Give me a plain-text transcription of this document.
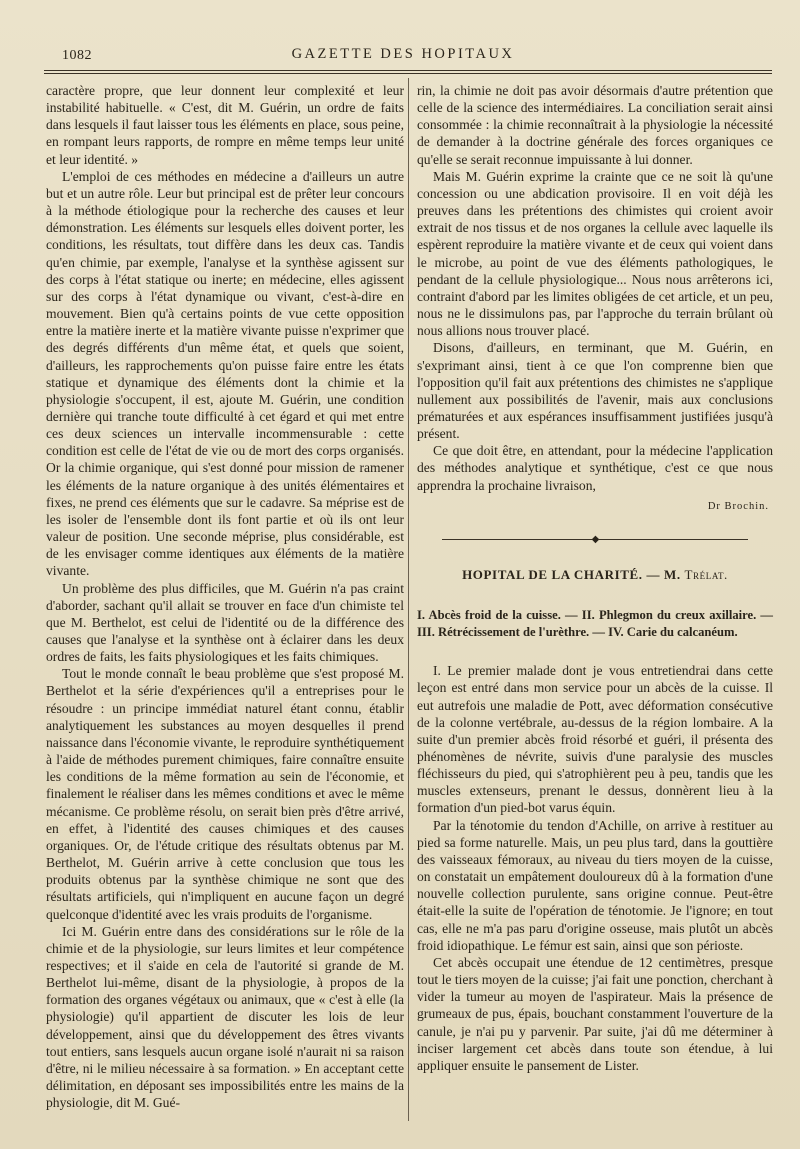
1082	GAZETTE DES HOPITAUX

caractère propre, que leur donnent leur complexité et leur instabilité habituelle. « C'est, dit M. Guérin, un ordre de faits dans lesquels il faut laisser tous les éléments en place, sous peine, en rompant leurs rapports, de rompre en même temps leur unité et leur identité. »

L'emploi de ces méthodes en médecine a d'ailleurs un autre but et un autre rôle. Leur but principal est de prêter leur concours à la méthode étiologique pour la recherche des causes et leur démonstration. Les éléments sur lesquels elles doivent porter, les conditions, les résultats, tout diffère dans les deux cas. Tandis qu'en chimie, par exemple, l'analyse et la synthèse agissent sur des corps à l'état statique ou inerte; en médecine, elles agissent sur des corps à l'état dynamique ou vivant, c'est-à-dire en mouvement. Bien qu'à certains points de vue cette opposition entre la matière inerte et la matière vivante puisse n'exprimer que des degrés différents d'un même état, et quels que soient, d'ailleurs, les rapprochements qu'on puisse faire entre les états statique et dynamique des éléments dont la chimie et la physiologie s'occupent, il est, ajoute M. Guérin, une condition dernière qui tranche toute difficulté à cet égard et qui met entre ces deux sciences un intervalle incommensurable : cette condition est celle de l'état de vie ou de mort des corps organisés. Or la chimie organique, qui s'est donné pour mission de ramener les éléments de la nature organique à des unités élémentaires et fixes, ne prend ces éléments que sur le cadavre. Sa méprise est de les isoler de l'ensemble dont ils font partie et où ils ont leur valeur de position. Une seconde méprise, plus considérable, est de les envisager comme identiques aux éléments de la matière vivante.

Un problème des plus difficiles, que M. Guérin n'a pas craint d'aborder, sachant qu'il allait se trouver en face d'un chimiste tel que M. Berthelot, est celui de l'identité ou de la différence des causes que l'analyse et la synthèse ont à éclairer dans les deux ordres de faits, les faits physiologiques et les faits chimiques.

Tout le monde connaît le beau problème que s'est proposé M. Berthelot et la série d'expériences qu'il a entreprises pour le résoudre : un principe immédiat naturel étant connu, établir analytiquement les substances au moyen desquelles il prend naissance dans l'économie vivante, le reproduire synthétiquement à l'aide de méthodes purement chimiques, faire connaître ensuite les conditions de la même formation au sein de l'économie, et finalement le réaliser dans les mêmes conditions et avec le même mécanisme. Ce problème résolu, on serait bien près d'être arrivé, en effet, à l'identité des causes chimiques et des causes organiques. Or, de l'étude critique des résultats obtenus par M. Berthelot, M. Guérin arrive à cette conclusion que tous les produits obtenus par la synthèse chimique ne sont que des résultats artificiels, qui n'impliquent en aucune façon un degré quelconque d'identité avec les vrais produits de l'organisme.

Ici M. Guérin entre dans des considérations sur le rôle de la chimie et de la physiologie, sur leurs limites et leur compétence respectives; et il s'aide en cela de l'autorité si grande de M. Berthelot lui-même, disant de la physiologie, à propos de la formation des organes végétaux ou animaux, que « c'est à elle (la physiologie) qu'il appartient de discuter les lois de leur développement, ainsi que du développement des êtres vivants tout entiers, sans lesquels aucun organe isolé n'aurait ni sa raison d'être, ni le milieu nécessaire à sa formation. » En acceptant cette délimitation, en déposant ses impossibilités entre les mains de la physiologie, dit M. Gué-

rin, la chimie ne doit pas avoir désormais d'autre prétention que celle de la science des intermédiaires. La conciliation serait ainsi consommée : la chimie reconnaîtrait à la physiologie la nécessité de demander à la doctrine générale des forces organiques ce qu'elle se serait reconnue impuissante à lui donner.

Mais M. Guérin exprime la crainte que ce ne soit là qu'une concession ou une abdication provisoire. Il en voit déjà les preuves dans les prétentions des chimistes qui croient avoir extrait de nos tissus et de nos organes la cellule avec laquelle ils espèrent reproduire la matière vivante et de ceux qui voient dans le microbe, au point de vue des éléments pathologiques, le pendant de la cellule physiologique... Nous nous arrêterons ici, contraint d'abord par les limites obligées de cet article, et un peu, nous ne le dissimulons pas, par l'approche du terrain brûlant où nous allions nous trouver placé.

Disons, d'ailleurs, en terminant, que M. Guérin, en s'exprimant ainsi, tient à ce que l'on comprenne bien que l'opposition qu'il fait aux prétentions des chimistes ne s'applique nullement aux possibilités de l'avenir, mais aux conclusions prématurées et aux espérances insuffisamment justifiées jusqu'à présent.

Ce que doit être, en attendant, pour la médecine l'application des méthodes analytique et synthétique, c'est ce que nous apprendra la prochaine livraison,

Dr Brochin.
◆
HOPITAL DE LA CHARITÉ. — M. Trélat.
I. Abcès froid de la cuisse. — II. Phlegmon du creux axillaire. — III. Rétrécissement de l'urèthre. — IV. Carie du calcanéum.

I. Le premier malade dont je vous entretiendrai dans cette leçon est entré dans mon service pour un abcès de la cuisse. Il eut autrefois une maladie de Pott, avec déformation consécutive de la colonne vertébrale, au-dessus de la région lombaire. A la suite d'un premier abcès froid résorbé et guéri, il présenta des phénomènes de névrite, suivis d'une paralysie des muscles fléchisseurs du pied, qui s'atrophièrent peu à peu, tandis que les muscles extenseurs, prenant le dessus, donnèrent lieu à la formation d'un pied-bot varus équin.

Par la ténotomie du tendon d'Achille, on arrive à restituer au pied sa forme naturelle. Mais, un peu plus tard, dans la gouttière des vaisseaux fémoraux, au niveau du tiers moyen de la cuisse, on constatait un empâtement douloureux dû à la formation d'une nouvelle collection purulente, sans origine connue. Peut-être était-elle la suite de l'opération de ténotomie. Je l'ignore; en tout cas, elle ne m'a pas paru d'origine osseuse, mais plutôt un abcès froid idiopathique. Le fémur est sain, ainsi que son périoste.

Cet abcès occupait une étendue de 12 centimètres, presque tout le tiers moyen de la cuisse; j'ai fait une ponction, cherchant à vider la tumeur au moyen de l'aspirateur. Mais la présence de grumeaux de pus, épais, bouchant constamment l'ouverture de la canule, je n'ai pu y parvenir. Par suite, j'ai dû me déterminer à inciser largement cet abcès dans toute son étendue, à lui appliquer ensuite le pansement de Lister.
